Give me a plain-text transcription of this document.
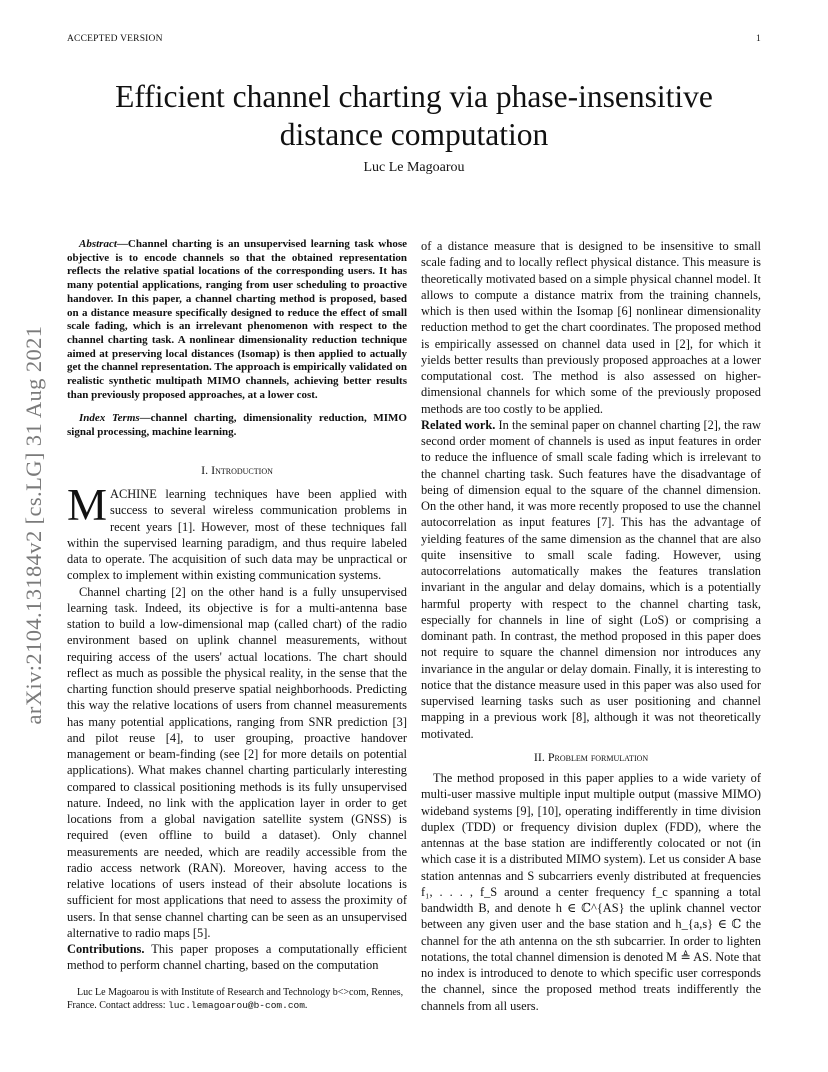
ACCEPTED VERSION	1
Efficient channel charting via phase-insensitive distance computation
Luc Le Magoarou
arXiv:2104.13184v2 [cs.LG] 31 Aug 2021

Abstract—Channel charting is an unsupervised learning task whose objective is to encode channels so that the obtained representation reflects the relative spatial locations of the corresponding users. It has many potential applications, ranging from user scheduling to proactive handover. In this paper, a channel charting method is proposed, based on a distance measure specifically designed to reduce the effect of small scale fading, which is an irrelevant phenomenon with respect to the channel charting task. A nonlinear dimensionality reduction technique aimed at preserving local distances (Isomap) is then applied to actually get the channel representation. The approach is empirically validated on realistic synthetic multipath MIMO channels, achieving better results than previously proposed approaches, at a lower cost.

Index Terms—channel charting, dimensionality reduction, MIMO signal processing, machine learning.

I. Introduction

MACHINE learning techniques have been applied with success to several wireless communication problems in recent years [1]. However, most of these techniques fall within the supervised learning paradigm, and thus require labeled data to operate. The acquisition of such data may be unpractical or complex to implement within existing communication systems.

Channel charting [2] on the other hand is a fully unsupervised learning task. Indeed, its objective is for a multi-antenna base station to build a low-dimensional map (called chart) of the radio environment based on uplink channel measurements, without requiring access of the users' actual locations. The chart should reflect as much as possible the physical reality, in the sense that the charting function should preserve spatial neighborhoods. Predicting this way the relative locations of users from channel measurements has many potential applications, ranging from SNR prediction [3] and pilot reuse [4], to user grouping, proactive handover management or beam-finding (see [2] for more details on potential applications). What makes channel charting particularly interesting compared to classical positioning methods is its fully unsupervised nature. Indeed, no link with the application layer in order to get locations from a global navigation satellite system (GNSS) is required (even offline to build a dataset). Only channel measurements are needed, which are readily accessible from the radio access network (RAN). Moreover, having access to the relative locations of users instead of their absolute locations is sufficient for most applications that need to assess the proximity of users. In that sense channel charting can be seen as an unsupervised alternative to radio maps [5].

Contributions. This paper proposes a computationally efficient method to perform channel charting, based on the computation

Luc Le Magoarou is with Institute of Research and Technology b<>com, Rennes, France. Contact address: luc.lemagoarou@b-com.com.

of a distance measure that is designed to be insensitive to small scale fading and to locally reflect physical distance. This measure is theoretically motivated based on a simple physical channel model. It allows to compute a distance matrix from the training channels, which is then used within the Isomap [6] nonlinear dimensionality reduction method to get the chart coordinates. The proposed method is empirically assessed on channel data used in [2], for which it yields better results than previously proposed approaches at a lower computational cost. The method is also assessed on higher-dimensional channels for which some of the previously proposed methods are too costly to be applied.

Related work. In the seminal paper on channel charting [2], the raw second order moment of channels is used as input features in order to reduce the influence of small scale fading which is irrelevant to the channel charting task. Such features have the disadvantage of being of dimension equal to the square of the channel dimension. On the other hand, it was more recently proposed to use the channel autocorrelation as input features [7]. This has the advantage of yielding features of the same dimension as the channel that are also quite insensitive to small scale fading. However, using autocorrelations automatically makes the features translation invariant in the angular and delay domains, which is a potentially harmful property with respect to the channel charting task, especially for channels in line of sight (LoS) or comprising a dominant path. In contrast, the method proposed in this paper does not require to square the channel dimension nor introduces any invariance in the angular or delay domain. Finally, it is interesting to notice that the distance measure used in this paper was also used for supervised learning tasks such as user positioning and channel mapping in a previous work [8], although it was not theoretically motivated.

II. Problem formulation

The method proposed in this paper applies to a wide variety of multi-user massive multiple input multiple output (massive MIMO) wideband systems [9], [10], operating indifferently in time division duplex (TDD) or frequency division duplex (FDD), where the antennas at the base station are indifferently colocated or not (in which case it is a distributed MIMO system). Let us consider A base station antennas and S subcarriers evenly distributed at frequencies f₁, . . . , f_S around a center frequency f_c spanning a total bandwidth B, and denote h ∈ ℂ^{AS} the uplink channel vector between any given user and the base station and h_{a,s} ∈ ℂ the channel for the ath antenna on the sth subcarrier. In order to lighten notations, the total channel dimension is denoted M ≜ AS. Note that no index is introduced to denote to which specific user corresponds the channel, since the proposed method treats indifferently the channels from all users.
